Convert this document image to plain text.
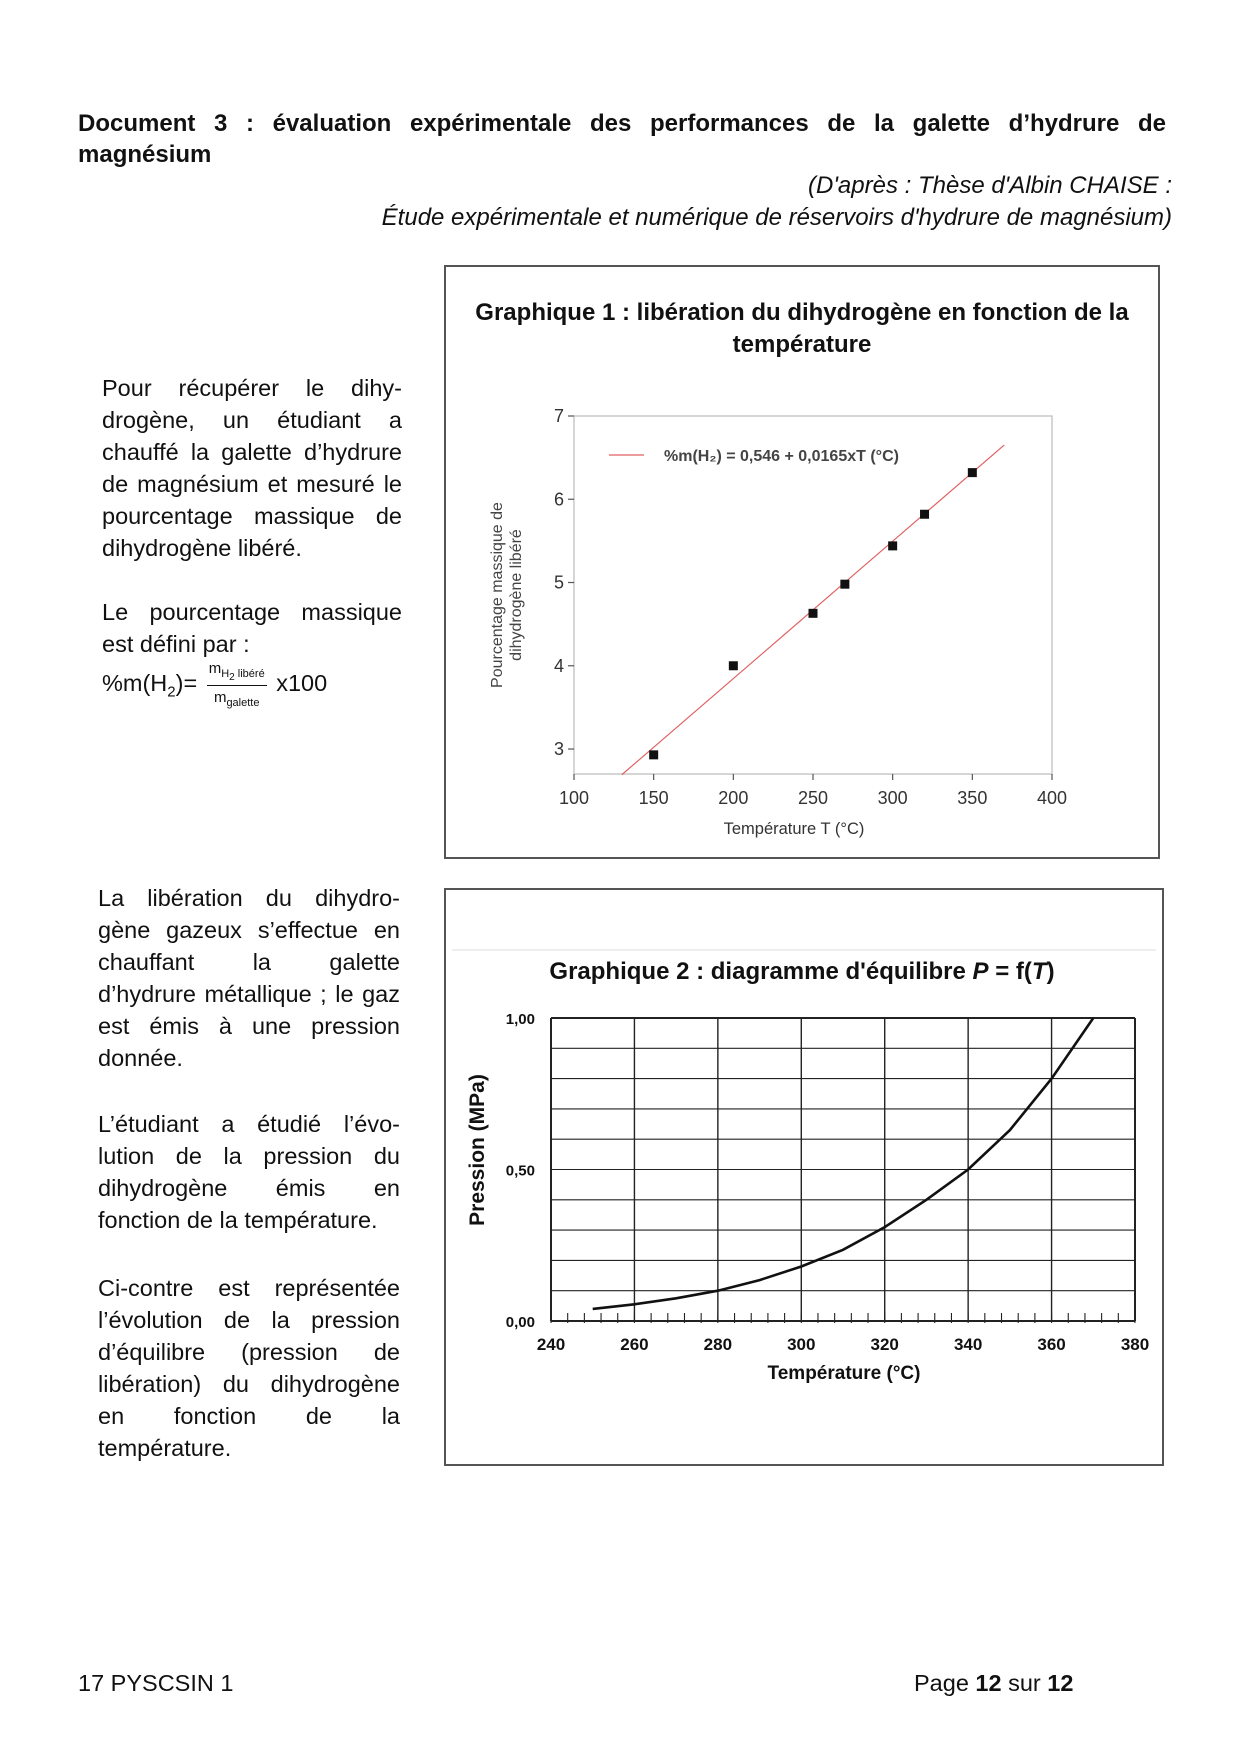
Document 3 : évaluation expérimentale des performances de la galette d’hydrure de magnésium
(D'après : Thèse d'Albin CHAISE :
Étude expérimentale et numérique de réservoirs d'hydrure de magnésium)
Pour récupérer le dihy-drogène, un étudiant a chauffé la galette d’hydrure de magnésium et mesuré le pourcentage massique de dihydrogène libéré.
Le pourcentage massique est défini par :
$\%m(H_2)= \frac{m_{H_2 libéré}}{m_{galette}} x100$
La libération du dihydro-gène gazeux s’effectue en chauffant la galette d’hydrure métallique ; le gaz est émis à une pression donnée.
L’étudiant a étudié l’évo-lution de la pression du dihydrogène émis en fonction de la température.
Ci-contre est représentée l’évolution de la pression d’équilibre (pression de libération) du dihydrogène en fonction de la température.
Graphique 1 : libération du dihydrogène en fonction de la température
3
4
5
6
7
100	150	200	250	300	350	400
%m(H₂) = 0,546 + 0,0165xT (°C)
Température T (°C)
Pourcentage massique de dihydrogène libéré
Graphique 2 : diagramme d'équilibre P = f(T)
1,00
0,50
0,00
240	260	280	300	320	340	360	380
Température (°C)
Pression (MPa)
17 PYSCSIN 1	Page 12 sur 12
